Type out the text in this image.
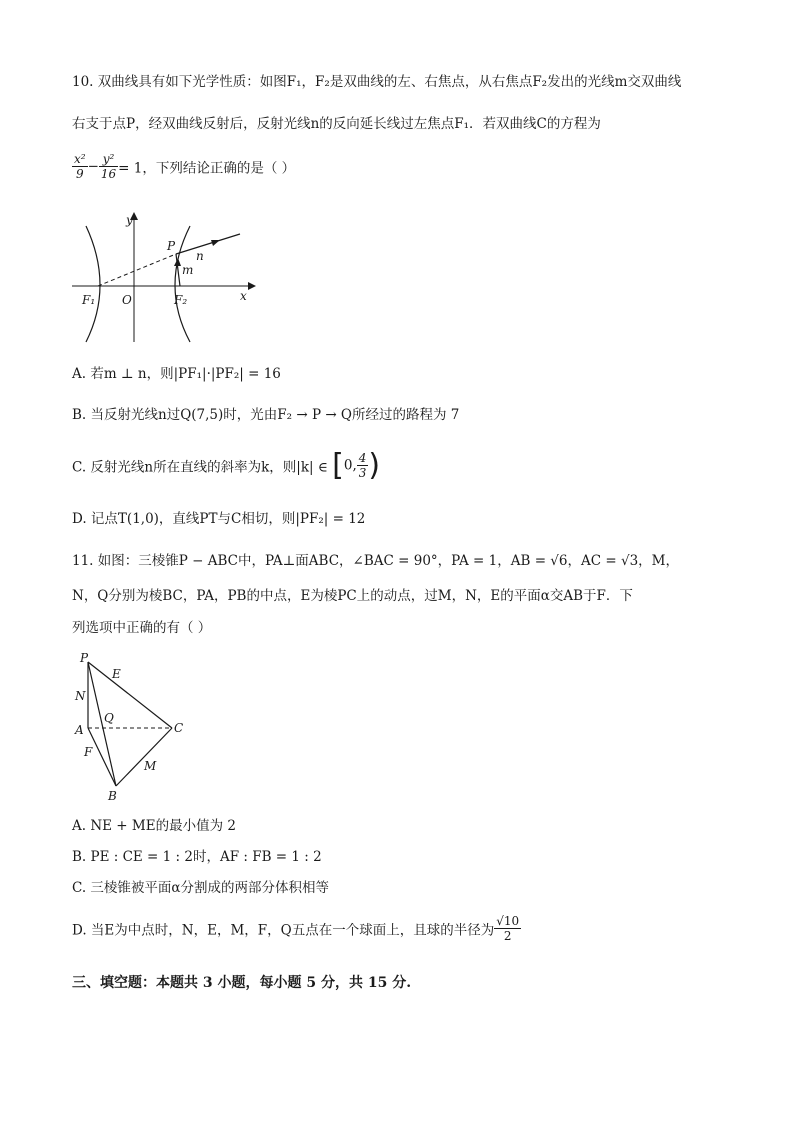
10. 双曲线具有如下光学性质：如图F₁，F₂是双曲线的左、右焦点，从右焦点F₂发出的光线m交双曲线
右支于点P，经双曲线反射后，反射光线n的反向延长线过左焦点F₁．若双曲线C的方程为
$\frac{\text{x²}}{9} - \frac{\text{y²}}{16} = 1$，下列结论正确的是（ ）
y
x
P
n
m
F₁ O	F₂
A. 若m ⊥ n，则|PF₁|·|PF₂| = 16
B. 当反射光线n过Q(7,5)时，光由F₂ → P → Q所经过的路程为 7
C. 反射光线n所在直线的斜率为k，则|k| ∈ [0, $\frac{4}{3}$ )
D. 记点T(1,0)，直线PT与C相切，则|PF₂| = 12
11. 如图：三棱锥P − ABC中，PA⊥面ABC，∠BAC = 90°，PA = 1，AB = √6，AC = √3，M，
N，Q分别为棱BC，PA，PB的中点，E为棱PC上的动点，过M，N，E的平面α交AB于F．下
列选项中正确的有（ ）
P
E
N
Q
A	C
F
M
B
A. NE + ME的最小值为 2
B. PE : CE = 1 : 2时，AF : FB = 1 : 2
C. 三棱锥被平面α分割成的两部分体积相等
D. 当E为中点时，N，E，M，F，Q五点在一个球面上，且球的半径为 $\frac{√10}{2}$
三、填空题：本题共 3 小题，每小题 5 分，共 15 分.
